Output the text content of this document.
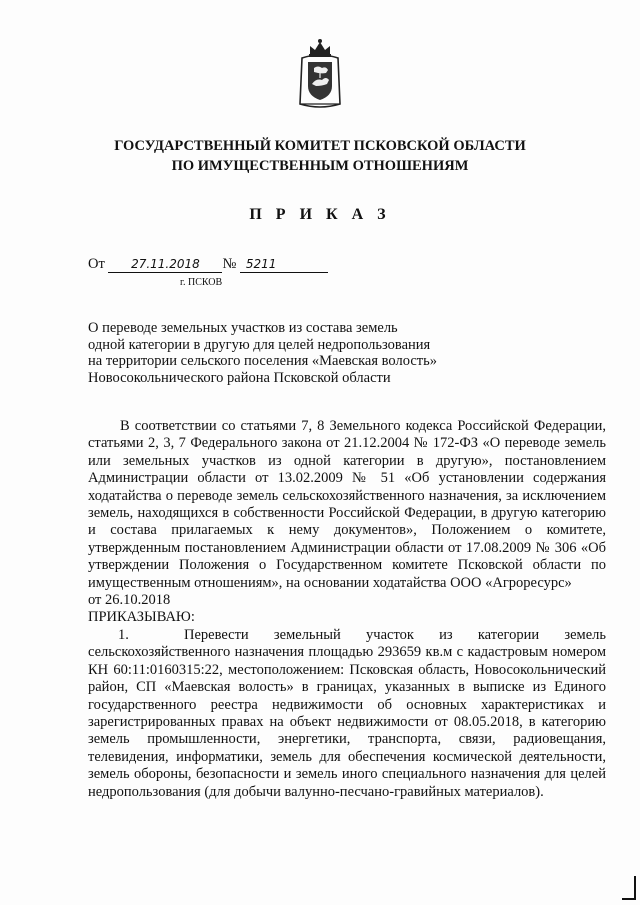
ГОСУДАРСТВЕННЫЙ КОМИТЕТ ПСКОВСКОЙ ОБЛАСТИ
ПО ИМУЩЕСТВЕННЫМ ОТНОШЕНИЯМ
П Р И К А З
От 27.11.2018 № 5211
г. ПСКОВ
О переводе земельных участков из состава земель
одной категории в другую для целей недропользования
на территории сельского поселения «Маевская волость»
Новосокольнического района Псковской области

В соответствии со статьями 7, 8 Земельного кодекса Российской Федерации, статьями 2, 3, 7 Федерального закона от 21.12.2004 № 172-ФЗ «О переводе земель или земельных участков из одной категории в другую», постановлением Администрации области от 13.02.2009 № 51 «Об установлении содержания ходатайства о переводе земель сельскохозяйственного назначения, за исключением земель, находящихся в собственности Российской Федерации, в другую категорию и состава прилагаемых к нему документов», Положением о комитете, утвержденным постановлением Администрации области от 17.08.2009 № 306 «Об утверждении Положения о Государственном комитете Псковской области по имущественным отношениям», на основании ходатайства ООО «Агроресурс»

от 26.10.2018

ПРИКАЗЫВАЮ:

1.	Перевести земельный участок из категории земель сельскохозяйственного назначения площадью 293659 кв.м с кадастровым номером КН 60:11:0160315:22, местоположением: Псковская область, Новосокольнический район, СП «Маевская волость» в границах, указанных в выписке из Единого государственного реестра недвижимости об основных характеристиках и зарегистрированных правах на объект недвижимости от 08.05.2018, в категорию земель промышленности, энергетики, транспорта, связи, радиовещания, телевидения, информатики, земель для обеспечения космической деятельности, земель обороны, безопасности и земель иного специального назначения для целей недропользования (для добычи валунно-песчано-гравийных материалов).
